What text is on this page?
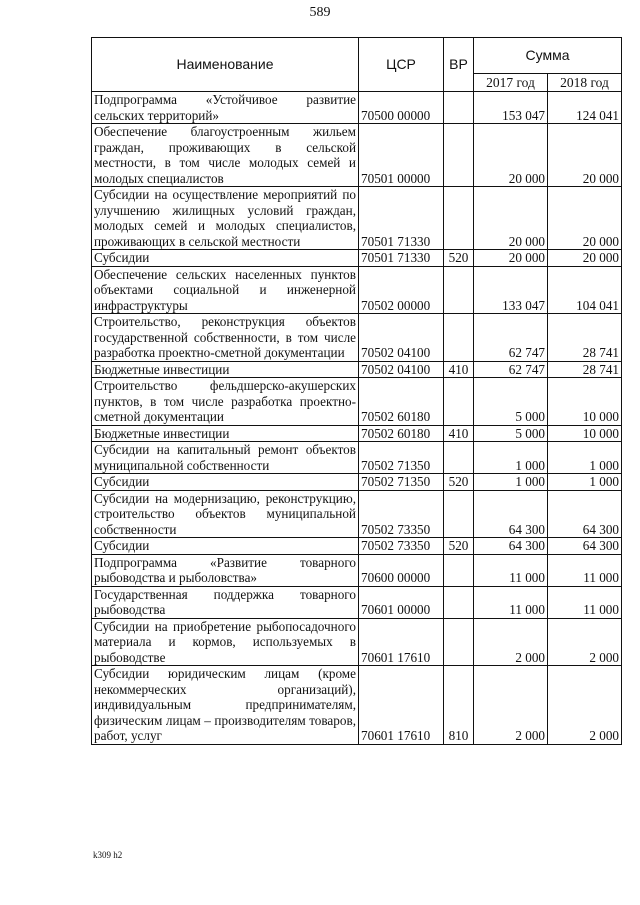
589
Наименование	ЦСР	ВР	Сумма	
			2017 год	2018 год
Подпрограмма «Устойчивое развитие сельских территорий»	70500 00000		153 047	124 041
Обеспечение благоустроенным жильем граждан, проживающих в сельской местности, в том числе молодых семей и молодых специалистов	70501 00000		20 000	20 000
Субсидии на осуществление мероприятий по улучшению жилищных условий граждан, молодых семей и молодых специалистов, проживающих в сельской местности	70501 71330		20 000	20 000
Субсидии	70501 71330	520	20 000	20 000
Обеспечение сельских населенных пунктов объектами социальной и инженерной инфраструктуры	70502 00000		133 047	104 041
Строительство, реконструкция объектов государственной собственности, в том числе разработка проектно-сметной документации	70502 04100		62 747	28 741
Бюджетные инвестиции	70502 04100	410	62 747	28 741
Строительство фельдшерско-акушерских пунктов, в том числе разработка проектно-сметной документации	70502 60180		5 000	10 000
Бюджетные инвестиции	70502 60180	410	5 000	10 000
Субсидии на капитальный ремонт объектов муниципальной собственности	70502 71350		1 000	1 000
Субсидии	70502 71350	520	1 000	1 000
Субсидии на модернизацию, реконструкцию, строительство объектов муниципальной собственности	70502 73350		64 300	64 300
Субсидии	70502 73350	520	64 300	64 300
Подпрограмма «Развитие товарного рыбоводства и рыболовства»	70600 00000		11 000	11 000
Государственная поддержка товарного рыбоводства	70601 00000		11 000	11 000
Субсидии на приобретение рыбопосадочного материала и кормов, используемых в рыбоводстве	70601 17610		2 000	2 000
Субсидии юридическим лицам (кроме некоммерческих организаций), индивидуальным предпринимателям, физическим лицам – производителям товаров, работ, услуг	70601 17610	810	2 000	2 000
k309 h2
